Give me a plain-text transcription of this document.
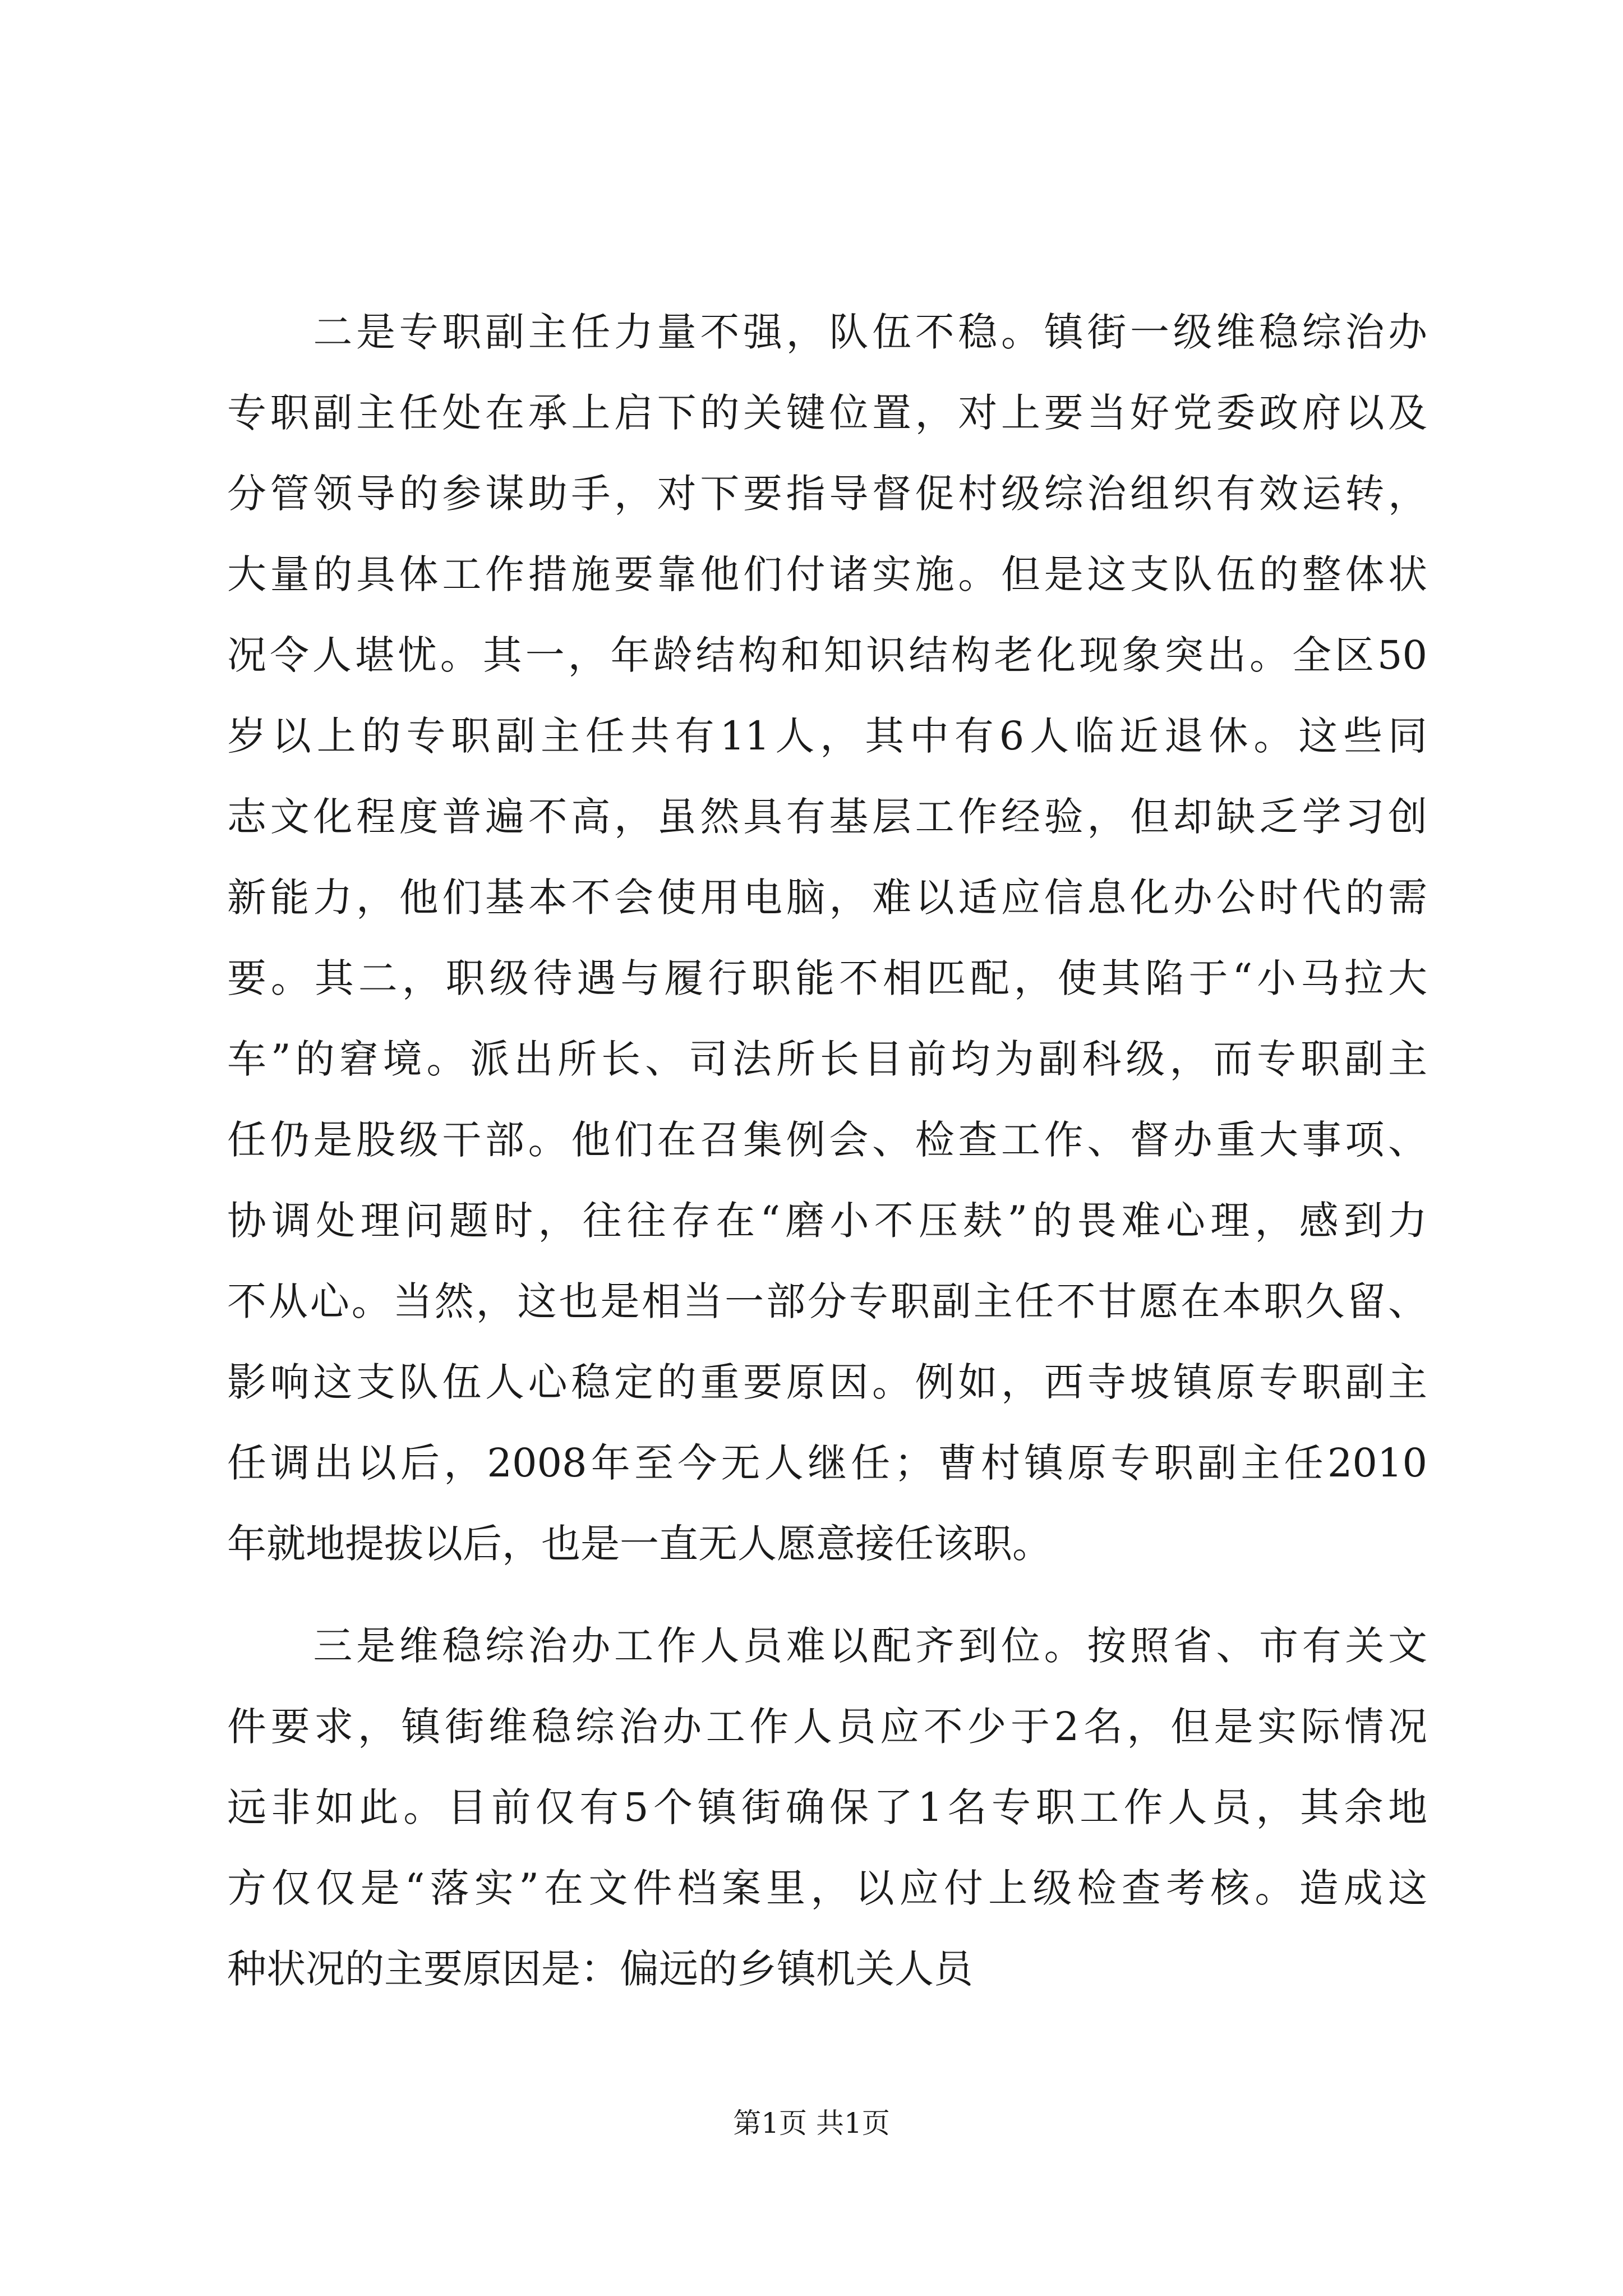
　　二是专职副主任力量不强，队伍不稳。镇街一级维稳综治办
专职副主任处在承上启下的关键位置，对上要当好党委政府以及
分管领导的参谋助手，对下要指导督促村级综治组织有效运转，
大量的具体工作措施要靠他们付诸实施。但是这支队伍的整体状
况令人堪忧。其一，年龄结构和知识结构老化现象突出。全区50
岁以上的专职副主任共有11人，其中有6人临近退休。这些同
志文化程度普遍不高，虽然具有基层工作经验，但却缺乏学习创
新能力，他们基本不会使用电脑，难以适应信息化办公时代的需
要。其二，职级待遇与履行职能不相匹配，使其陷于“小马拉大
车”的窘境。派出所长、司法所长目前均为副科级，而专职副主
任仍是股级干部。他们在召集例会、检查工作、督办重大事项、
协调处理问题时，往往存在“磨小不压麸”的畏难心理，感到力
不从心。当然，这也是相当一部分专职副主任不甘愿在本职久留、
影响这支队伍人心稳定的重要原因。例如，西寺坡镇原专职副主
任调出以后，2008年至今无人继任；曹村镇原专职副主任2010
年就地提拔以后，也是一直无人愿意接任该职。
　　三是维稳综治办工作人员难以配齐到位。按照省、市有关文
件要求，镇街维稳综治办工作人员应不少于2名，但是实际情况
远非如此。目前仅有5个镇街确保了1名专职工作人员，其余地
方仅仅是“落实”在文件档案里，以应付上级检查考核。造成这
种状况的主要原因是：偏远的乡镇机关人员
第1页 共1页
